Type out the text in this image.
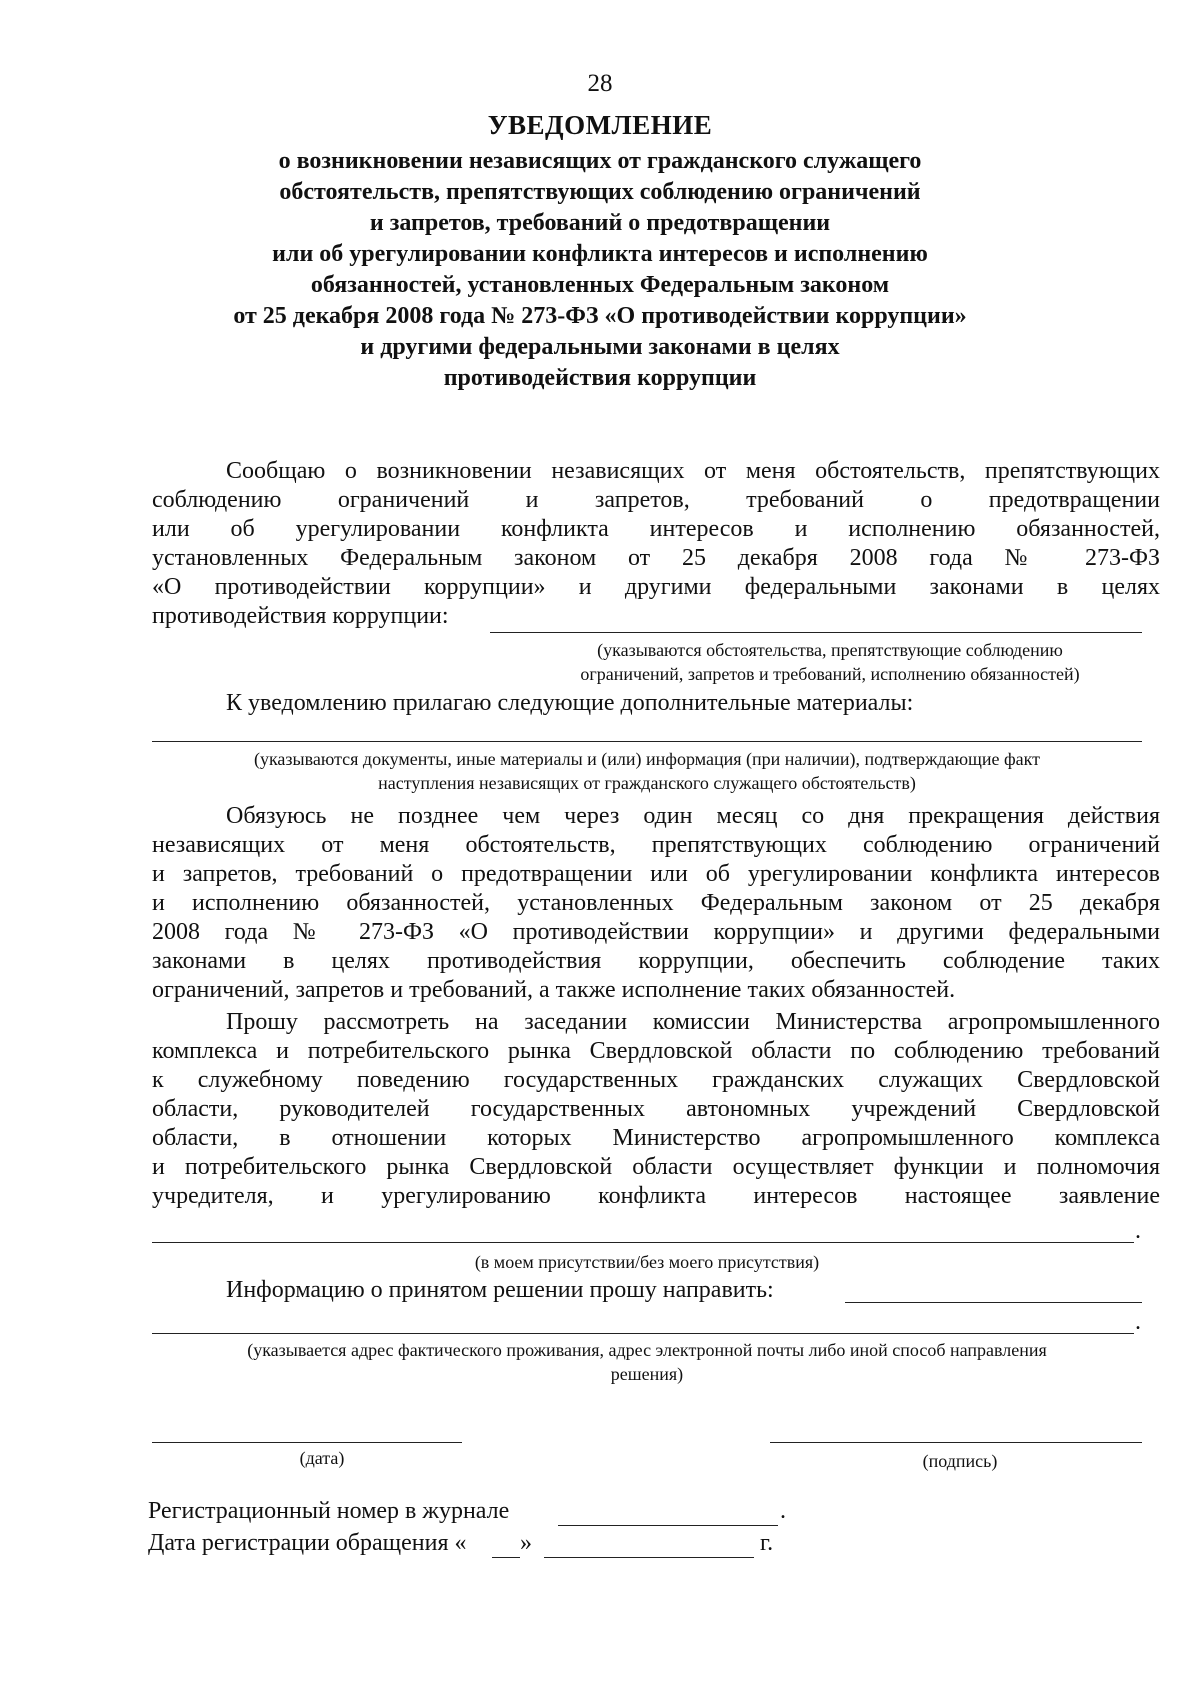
28
УВЕДОМЛЕНИЕ
о возникновении независящих от гражданского служащего
обстоятельств, препятствующих соблюдению ограничений
и запретов, требований о предотвращении
или об урегулировании конфликта интересов и исполнению
обязанностей, установленных Федеральным законом
от 25 декабря 2008 года № 273-ФЗ «О противодействии коррупции»
и другими федеральными законами в целях
противодействия коррупции
Сообщаю о возникновении независящих от меня обстоятельств, препятствующих
соблюдению ограничений и запретов, требований о предотвращении
или об урегулировании конфликта интересов и исполнению обязанностей,
установленных Федеральным законом от 25 декабря 2008 года № 273-ФЗ
«О противодействии коррупции» и другими федеральными законами в целях
противодействия коррупции:
(указываются обстоятельства, препятствующие соблюдению
ограничений, запретов и требований, исполнению обязанностей)
К уведомлению прилагаю следующие дополнительные материалы:
(указываются документы, иные материалы и (или) информация (при наличии), подтверждающие факт
наступления независящих от гражданского служащего обстоятельств)
Обязуюсь не позднее чем через один месяц со дня прекращения действия
независящих от меня обстоятельств, препятствующих соблюдению ограничений
и запретов, требований о предотвращении или об урегулировании конфликта интересов
и исполнению обязанностей, установленных Федеральным законом от 25 декабря
2008 года № 273-ФЗ «О противодействии коррупции» и другими федеральными
законами в целях противодействия коррупции, обеспечить соблюдение таких
ограничений, запретов и требований, а также исполнение таких обязанностей.
Прошу рассмотреть на заседании комиссии Министерства агропромышленного
комплекса и потребительского рынка Свердловской области по соблюдению требований
к служебному поведению государственных гражданских служащих Свердловской
области, руководителей государственных автономных учреждений Свердловской
области, в отношении которых Министерство агропромышленного комплекса
и потребительского рынка Свердловской области осуществляет функции и полномочия
учредителя, и урегулированию конфликта интересов настоящее заявление
.
(в моем присутствии/без моего присутствия)
Информацию о принятом решении прошу направить:
.
(указывается адрес фактического проживания, адрес электронной почты либо иной способ направления
решения)
(дата)	(подпись)
Регистрационный номер в журнале	.
Дата регистрации обращения « »	г.
